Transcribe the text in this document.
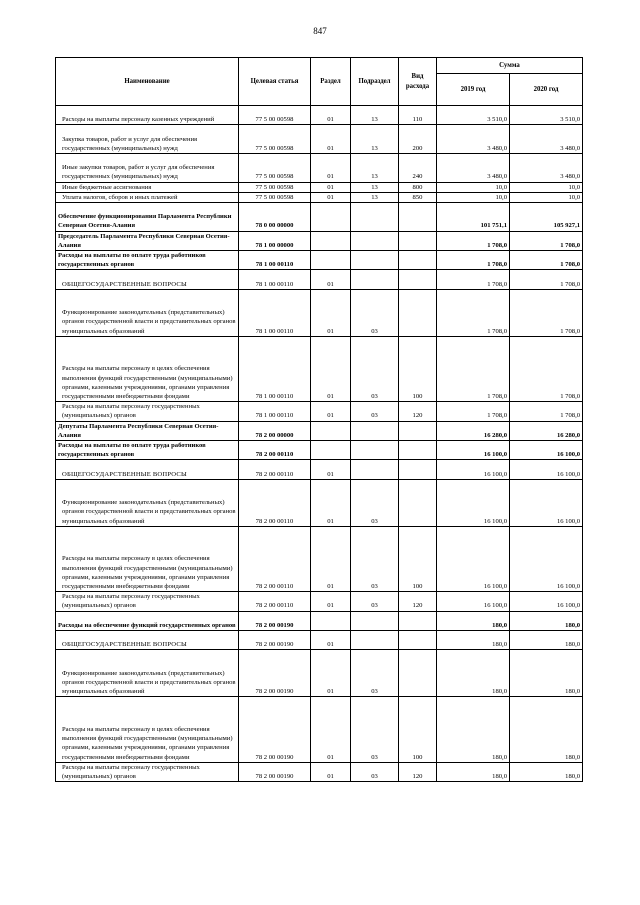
847
Наименование	Целевая статья	Раздел	Подраздел	Вид расхода	Сумма	
					2019 год	2020 год
Расходы на выплаты персоналу казенных учреждений	77 5 00 00598	01	13	110	3 510,0	3 510,0
Закупка товаров, работ и услуг для обеспечения государственных (муниципальных) нужд	77 5 00 00598	01	13	200	3 480,0	3 480,0
Иные закупки товаров, работ и услуг для обеспечения государственных (муниципальных) нужд	77 5 00 00598	01	13	240	3 480,0	3 480,0
Иные бюджетные ассигнования	77 5 00 00598	01	13	800	10,0	10,0
Уплата налогов, сборов и иных платежей	77 5 00 00598	01	13	850	10,0	10,0
Обеспечение функционирования Парламента Республики Северная Осетия-Алания	78 0 00 00000				101 751,1	105 927,1
Председатель Парламента Республики Северная Осетия-Алания	78 1 00 00000				1 708,0	1 708,0
Расходы на выплаты по оплате труда работников государственных органов	78 1 00 00110				1 708,0	1 708,0
ОБЩЕГОСУДАРСТВЕННЫЕ ВОПРОСЫ	78 1 00 00110	01			1 708,0	1 708,0
Функционирование законодательных (представительных) органов государственной власти и представительных органов муниципальных образований	78 1 00 00110	01	03		1 708,0	1 708,0
Расходы на выплаты персоналу в целях обеспечения выполнения функций государственными (муниципальными) органами, казенными учреждениями, органами управления государственными внебюджетными фондами	78 1 00 00110	01	03	100	1 708,0	1 708,0
Расходы на выплаты персоналу государственных (муниципальных) органов	78 1 00 00110	01	03	120	1 708,0	1 708,0
Депутаты Парламента Республики Северная Осетия-Алания	78 2 00 00000				16 280,0	16 280,0
Расходы на выплаты по оплате труда работников государственных органов	78 2 00 00110				16 100,0	16 100,0
ОБЩЕГОСУДАРСТВЕННЫЕ ВОПРОСЫ	78 2 00 00110	01			16 100,0	16 100,0
Функционирование законодательных (представительных) органов государственной власти и представительных органов муниципальных образований	78 2 00 00110	01	03		16 100,0	16 100,0
Расходы на выплаты персоналу в целях обеспечения выполнения функций государственными (муниципальными) органами, казенными учреждениями, органами управления государственными внебюджетными фондами	78 2 00 00110	01	03	100	16 100,0	16 100,0
Расходы на выплаты персоналу государственных (муниципальных) органов	78 2 00 00110	01	03	120	16 100,0	16 100,0
Расходы на обеспечение функций государственных органов	78 2 00 00190				180,0	180,0
ОБЩЕГОСУДАРСТВЕННЫЕ ВОПРОСЫ	78 2 00 00190	01			180,0	180,0
Функционирование законодательных (представительных) органов государственной власти и представительных органов муниципальных образований	78 2 00 00190	01	03		180,0	180,0
Расходы на выплаты персоналу в целях обеспечения выполнения функций государственными (муниципальными) органами, казенными учреждениями, органами управления государственными внебюджетными фондами	78 2 00 00190	01	03	100	180,0	180,0
Расходы на выплаты персоналу государственных (муниципальных) органов	78 2 00 00190	01	03	120	180,0	180,0
